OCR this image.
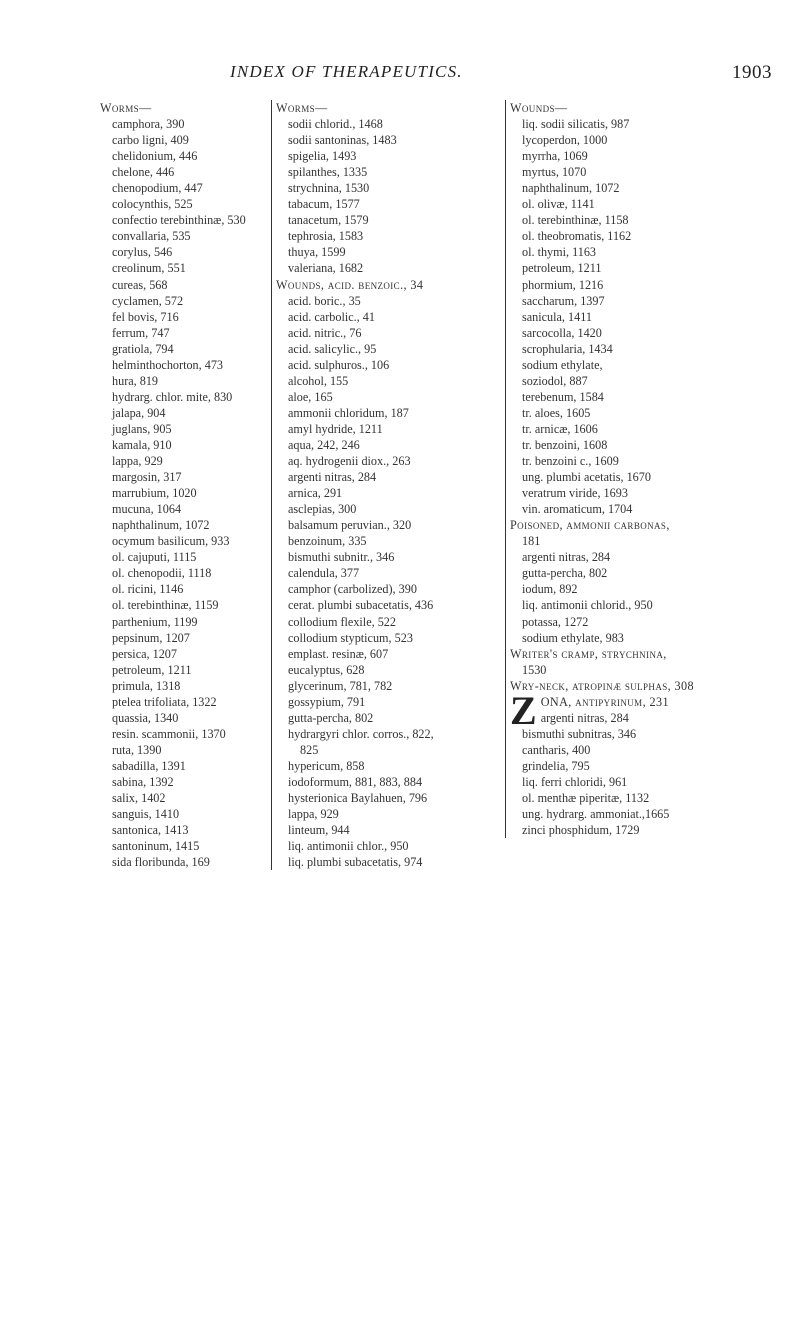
INDEX OF THERAPEUTICS.	1903
Worms—
camphora, 390
carbo ligni, 409
chelidonium, 446
chelone, 446
chenopodium, 447
colocynthis, 525
confectio terebinthinæ, 530
convallaria, 535
corylus, 546
creolinum, 551
cureas, 568
cyclamen, 572
fel bovis, 716
ferrum, 747
gratiola, 794
helminthochorton, 473
hura, 819
hydrarg. chlor. mite, 830
jalapa, 904
juglans, 905
kamala, 910
lappa, 929
margosin, 317
marrubium, 1020
mucuna, 1064
naphthalinum, 1072
ocymum basilicum, 933
ol. cajuputi, 1115
ol. chenopodii, 1118
ol. ricini, 1146
ol. terebinthinæ, 1159
parthenium, 1199
pepsinum, 1207
persica, 1207
petroleum, 1211
primula, 1318
ptelea trifoliata, 1322
quassia, 1340
resin. scammonii, 1370
ruta, 1390
sabadilla, 1391
sabina, 1392
salix, 1402
sanguis, 1410
santonica, 1413
santoninum, 1415
sida floribunda, 169
Worms—
sodii chlorid., 1468
sodii santoninas, 1483
spigelia, 1493
spilanthes, 1335
strychnina, 1530
tabacum, 1577
tanacetum, 1579
tephrosia, 1583
thuya, 1599
valeriana, 1682
Wounds, acid. benzoic., 34
acid. boric., 35
acid. carbolic., 41
acid. nitric., 76
acid. salicylic., 95
acid. sulphuros., 106
alcohol, 155
aloe, 165
ammonii chloridum, 187
amyl hydride, 1211
aqua, 242, 246
aq. hydrogenii diox., 263
argenti nitras, 284
arnica, 291
asclepias, 300
balsamum peruvian., 320
benzoinum, 335
bismuthi subnitr., 346
calendula, 377
camphor (carbolized), 390
cerat. plumbi subacetatis, 436
collodium flexile, 522
collodium stypticum, 523
emplast. resinæ, 607
eucalyptus, 628
glycerinum, 781, 782
gossypium, 791
gutta-percha, 802
hydrargyri chlor. corros., 822,
825
hypericum, 858
iodoformum, 881, 883, 884
hysterionica Baylahuen, 796
lappa, 929
linteum, 944
liq. antimonii chlor., 950
liq. plumbi subacetatis, 974
Wounds—
liq. sodii silicatis, 987
lycoperdon, 1000
myrrha, 1069
myrtus, 1070
naphthalinum, 1072
ol. olivæ, 1141
ol. terebinthinæ, 1158
ol. theobromatis, 1162
ol. thymi, 1163
petroleum, 1211
phormium, 1216
saccharum, 1397
sanicula, 1411
sarcocolla, 1420
scrophularia, 1434
sodium ethylate,
soziodol, 887
terebenum, 1584
tr. aloes, 1605
tr. arnicæ, 1606
tr. benzoini, 1608
tr. benzoini c., 1609
ung. plumbi acetatis, 1670
veratrum viride, 1693
vin. aromaticum, 1704
Poisoned, ammonii carbonas,
181
argenti nitras, 284
gutta-percha, 802
iodum, 892
liq. antimonii chlorid., 950
potassa, 1272
sodium ethylate, 983
Writer's cramp, strychnina,
1530
Wry-neck, atropinæ sulphas, 308
ZONA, antipyrinum, 231
argenti nitras, 284
bismuthi subnitras, 346
cantharis, 400
grindelia, 795
liq. ferri chloridi, 961
ol. menthæ piperitæ, 1132
ung. hydrarg. ammoniat.,1665
zinci phosphidum, 1729
